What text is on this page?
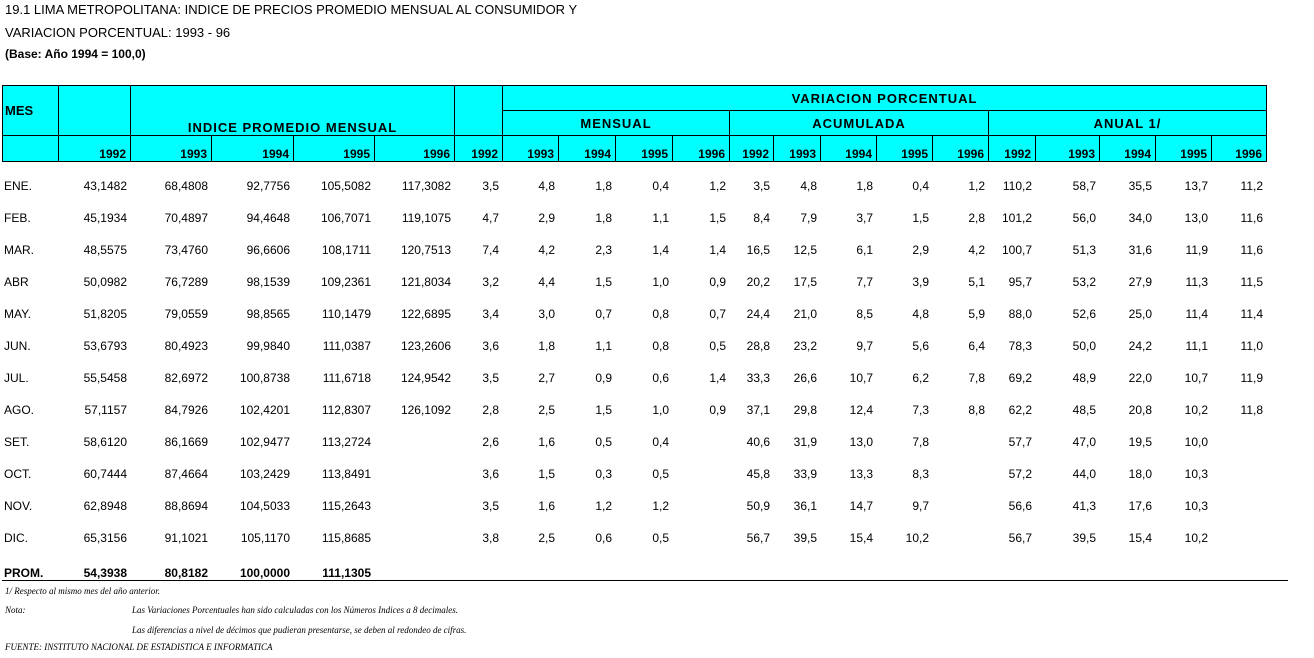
19.1 LIMA METROPOLITANA: INDICE DE PRECIOS PROMEDIO MENSUAL AL CONSUMIDOR Y
VARIACION PORCENTUAL: 1993 - 96
(Base: Año 1994 = 100,0)
MES		INDICE PROMEDIO MENSUAL					VARIACION PORCENTUAL													
							MENSUAL				ACUMULADA					ANUAL 1/				
	1992	1993	1994	1995	1996	1992	1993	1994	1995	1996	1992	1993	1994	1995	1996	1992	1993	1994	1995	1996
ENE.	43,1482	68,4808	92,7756	105,5082	117,3082	3,5	4,8	1,8	0,4	1,2	3,5	4,8	1,8	0,4	1,2	110,2	58,7	35,5	13,7	11,2
FEB.	45,1934	70,4897	94,4648	106,7071	119,1075	4,7	2,9	1,8	1,1	1,5	8,4	7,9	3,7	1,5	2,8	101,2	56,0	34,0	13,0	11,6
MAR.	48,5575	73,4760	96,6606	108,1711	120,7513	7,4	4,2	2,3	1,4	1,4	16,5	12,5	6,1	2,9	4,2	100,7	51,3	31,6	11,9	11,6
ABR	50,0982	76,7289	98,1539	109,2361	121,8034	3,2	4,4	1,5	1,0	0,9	20,2	17,5	7,7	3,9	5,1	95,7	53,2	27,9	11,3	11,5
MAY.	51,8205	79,0559	98,8565	110,1479	122,6895	3,4	3,0	0,7	0,8	0,7	24,4	21,0	8,5	4,8	5,9	88,0	52,6	25,0	11,4	11,4
JUN.	53,6793	80,4923	99,9840	111,0387	123,2606	3,6	1,8	1,1	0,8	0,5	28,8	23,2	9,7	5,6	6,4	78,3	50,0	24,2	11,1	11,0
JUL.	55,5458	82,6972	100,8738	111,6718	124,9542	3,5	2,7	0,9	0,6	1,4	33,3	26,6	10,7	6,2	7,8	69,2	48,9	22,0	10,7	11,9
AGO.	57,1157	84,7926	102,4201	112,8307	126,1092	2,8	2,5	1,5	1,0	0,9	37,1	29,8	12,4	7,3	8,8	62,2	48,5	20,8	10,2	11,8
SET.	58,6120	86,1669	102,9477	113,2724		2,6	1,6	0,5	0,4		40,6	31,9	13,0	7,8		57,7	47,0	19,5	10,0	
OCT.	60,7444	87,4664	103,2429	113,8491		3,6	1,5	0,3	0,5		45,8	33,9	13,3	8,3		57,2	44,0	18,0	10,3	
NOV.	62,8948	88,8694	104,5033	115,2643		3,5	1,6	1,2	1,2		50,9	36,1	14,7	9,7		56,6	41,3	17,6	10,3	
DIC.	65,3156	91,1021	105,1170	115,8685		3,8	2,5	0,6	0,5		56,7	39,5	15,4	10,2		56,7	39,5	15,4	10,2	
PROM.	54,3938	80,8182	100,0000	111,1305
1/ Respecto al mismo mes del año anterior.
Nota:	Las Variaciones Porcentuales han sido calculadas con los Números Indices a 8 decimales.
Las diferencias a nivel de décimos que pudieran presentarse, se deben al redondeo de cifras.
FUENTE: INSTITUTO NACIONAL DE ESTADISTICA E INFORMATICA
